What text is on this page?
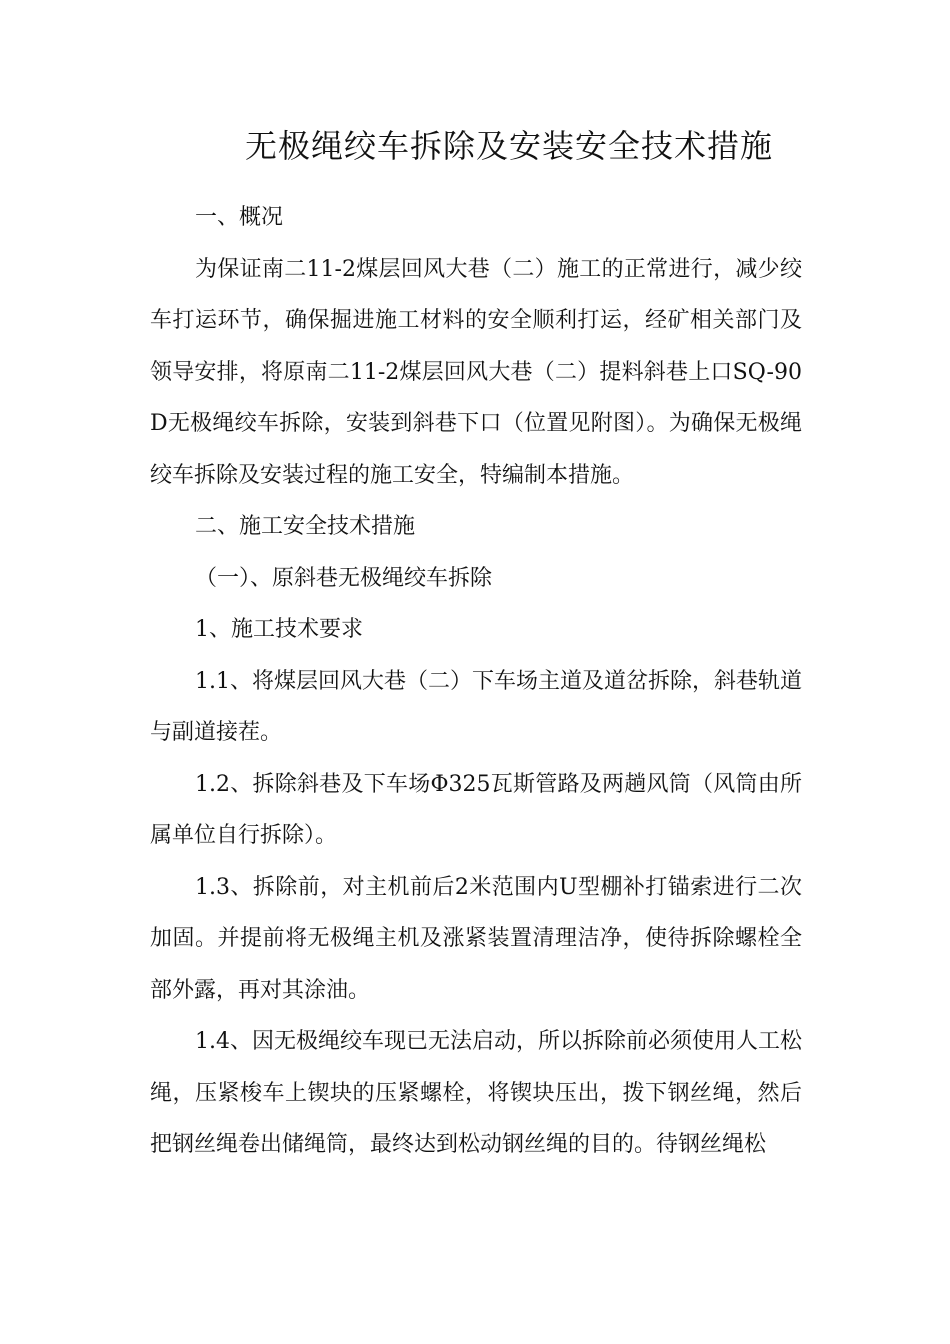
无极绳绞车拆除及安装安全技术措施

一、概况

为保证南二11-2煤层回风大巷（二）施工的正常进行，减少绞车打运环节，确保掘进施工材料的安全顺利打运，经矿相关部门及领导安排，将原南二11-2煤层回风大巷（二）提料斜巷上口SQ-90D无极绳绞车拆除，安装到斜巷下口（位置见附图）。为确保无极绳绞车拆除及安装过程的施工安全，特编制本措施。

二、施工安全技术措施

（一）、原斜巷无极绳绞车拆除

1、施工技术要求

1.1、将煤层回风大巷（二）下车场主道及道岔拆除，斜巷轨道与副道接茬。

1.2、拆除斜巷及下车场Φ325瓦斯管路及两趟风筒（风筒由所属单位自行拆除）。

1.3、拆除前，对主机前后2米范围内U型棚补打锚索进行二次加固。并提前将无极绳主机及涨紧装置清理洁净，使待拆除螺栓全部外露，再对其涂油。

1.4、因无极绳绞车现已无法启动，所以拆除前必须使用人工松绳，压紧梭车上锲块的压紧螺栓，将锲块压出，拨下钢丝绳，然后把钢丝绳卷出储绳筒，最终达到松动钢丝绳的目的。待钢丝绳松
